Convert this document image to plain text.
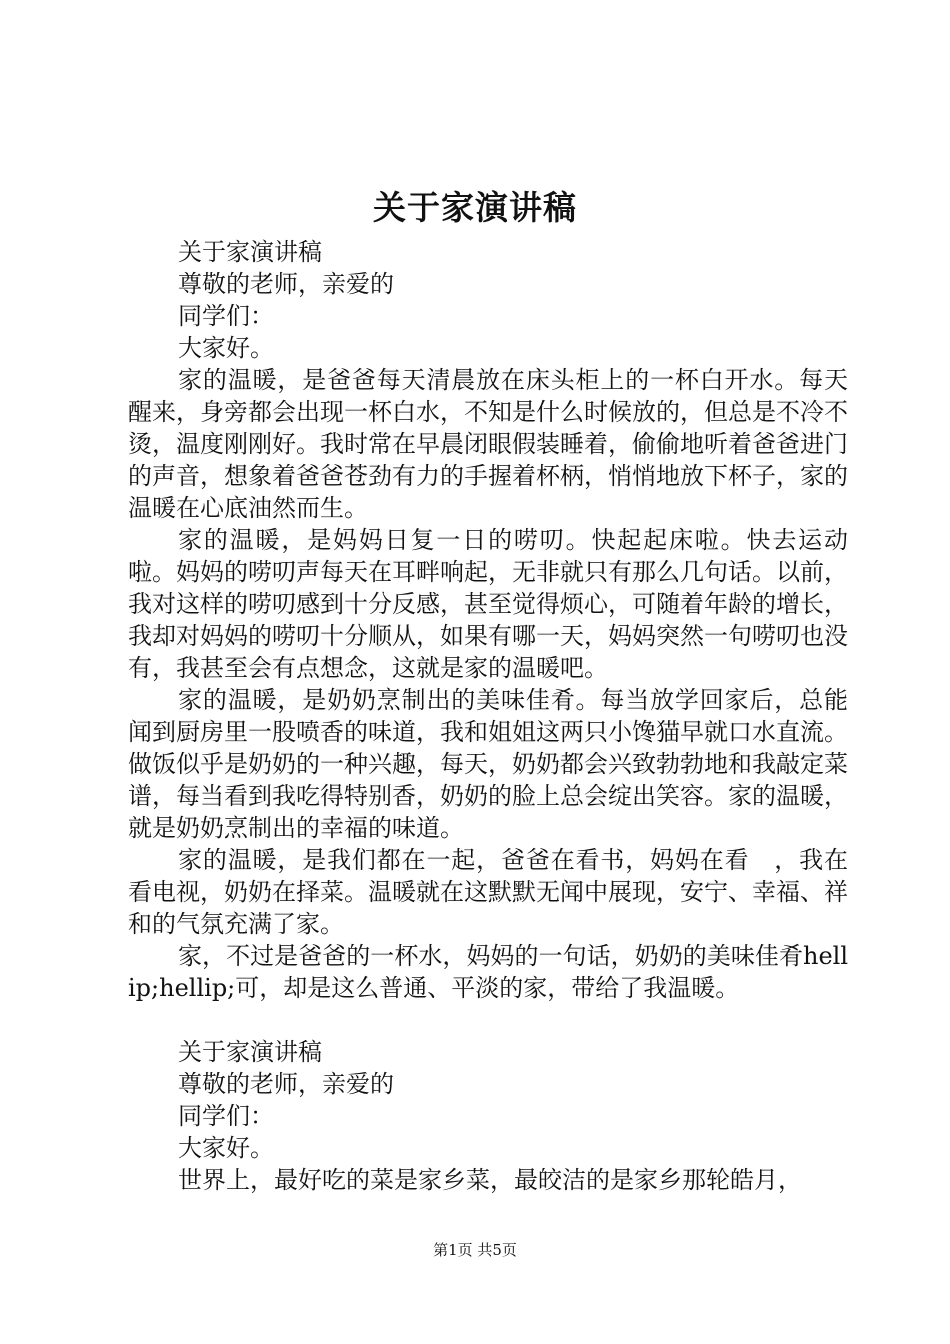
关于家演讲稿

关于家演讲稿

尊敬的老师，亲爱的

同学们：

大家好。

家的温暖，是爸爸每天清晨放在床头柜上的一杯白开水。每天醒来，身旁都会出现一杯白水，不知是什么时候放的，但总是不冷不烫，温度刚刚好。我时常在早晨闭眼假装睡着，偷偷地听着爸爸进门的声音，想象着爸爸苍劲有力的手握着杯柄，悄悄地放下杯子，家的温暖在心底油然而生。

家的温暖，是妈妈日复一日的唠叨。快起起床啦。快去运动啦。妈妈的唠叨声每天在耳畔响起，无非就只有那么几句话。以前，我对这样的唠叨感到十分反感，甚至觉得烦心，可随着年龄的增长，我却对妈妈的唠叨十分顺从，如果有哪一天，妈妈突然一句唠叨也没有，我甚至会有点想念，这就是家的温暖吧。

家的温暖，是奶奶烹制出的美味佳肴。每当放学回家后，总能闻到厨房里一股喷香的味道，我和姐姐这两只小馋猫早就口水直流。做饭似乎是奶奶的一种兴趣，每天，奶奶都会兴致勃勃地和我敲定菜谱，每当看到我吃得特别香，奶奶的脸上总会绽出笑容。家的温暖，就是奶奶烹制出的幸福的味道。

家的温暖，是我们都在一起，爸爸在看书，妈妈在看　，我在看电视，奶奶在择菜。温暖就在这默默无闻中展现，安宁、幸福、祥和的气氛充满了家。

家，不过是爸爸的一杯水，妈妈的一句话，奶奶的美味佳肴hellip;hellip;可，却是这么普通、平淡的家，带给了我温暖。

关于家演讲稿

尊敬的老师，亲爱的

同学们：

大家好。

世界上，最好吃的菜是家乡菜，最皎洁的是家乡那轮皓月，

第1页 共5页
